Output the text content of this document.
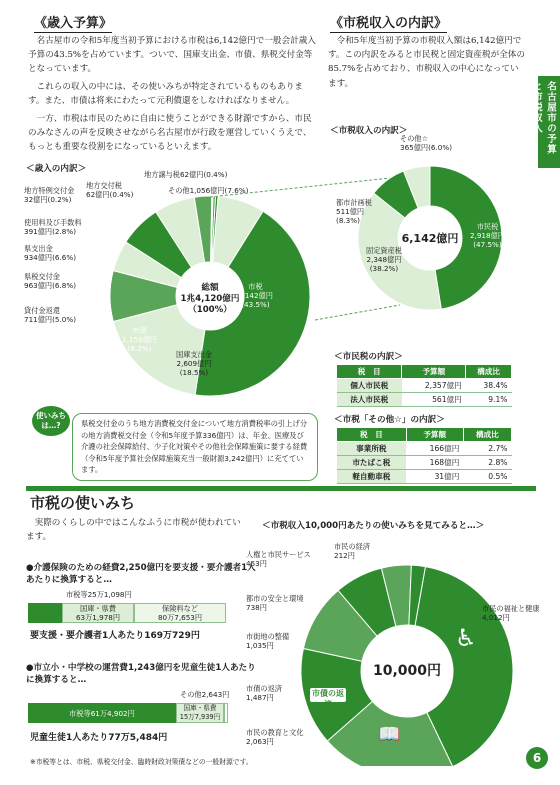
名古屋市の予算と市税収入
《歳入予算》
名古屋市の令和5年度当初予算における市税は6,142億円で一般会計歳入予算の43.5%を占めています。ついで、国庫支出金、市債、県税交付金等となっています。
これらの収入の中には、その使いみちが特定されているものもあります。また、市債は将来にわたって元利償還をしなければなりません。
一方、市税は市民のために自由に使うことができる財源ですから、市民のみなさんの声を反映させながら名古屋市が行政を運営していくうえで、もっとも重要な役割をになっているといえます。
＜歳入の内訳＞
総額
1兆4,120億円
（100%）
地方特例交付金
32億円(0.2%)
地方交付税
62億円(0.4%)
地方譲与税62億円(0.4%)
その他1,056億円(7.6%)
使用料及び手数料
391億円(2.8%)
県支出金
934億円(6.6%)
県税交付金
963億円(6.8%)
貸付金返還
711億円(5.0%)
市債
1,158億円
(8.2%)
国庫支出金
2,609億円
(18.5%)
市税
6,142億円
(43.5%)
《市税収入の内訳》
令和5年度当初予算の市税収入額は6,142億円です。この内訳をみると市民税と固定資産税が全体の85.7%を占めており、市税収入の中心になっています。
＜市税収入の内訳＞
6,142億円
その他☆
365億円(6.0%)
都市計画税
511億円
(8.3%)
固定資産税
2,348億円
(38.2%)
市民税
2,918億円
(47.5%)
＜市民税の内訳＞
税　目	予算額	構成比
個人市民税	2,357億円	38.4%
法人市民税	561億円	9.1%
＜市税「その他☆」の内訳＞
税　目	予算額	構成比
事業所税	166億円	2.7%
市たばこ税	168億円	2.8%
軽自動車税	31億円	0.5%
使いみちは…?	県税交付金のうち地方消費税交付金について地方消費税率の引上げ分の地方消費税交付金（令和5年度予算336億円）は、年金、医療及び介護の社会保障給付、少子化対策やその他社会保障施策に要する経費（令和5年度予算社会保障施策充当一般財源3,242億円）に充てています。
市税の使いみち
実際のくらしの中ではこんなふうに市税が使われています。
●介護保険のための経費2,250億円を要支援・要介護者1人あたりに換算すると…
市税等25万1,098円
国庫・県費
63万1,978円
保険料など
80万7,653円
要支援・要介護者1人あたり169万729円
●市立小・中学校の運営費1,243億円を児童生徒1人あたりに換算すると…
その他2,643円
市税等61万4,902円
国庫・県費
15万7,939円
児童生徒1人あたり77万5,484円
※市税等とは、市税、県税交付金、臨時財政対策債などの一般財源です。
＜市税収入10,000円あたりの使いみちを見てみると…＞
10,000円
♿
📖
市債の返済
市民の福祉と健康
4,012円
市民の教育と文化
2,063円
市債の返済
1,487円
市街地の整備
1,035円
都市の安全と環境
738円
人権と市民サービス
453円
市民の経済
212円
6
